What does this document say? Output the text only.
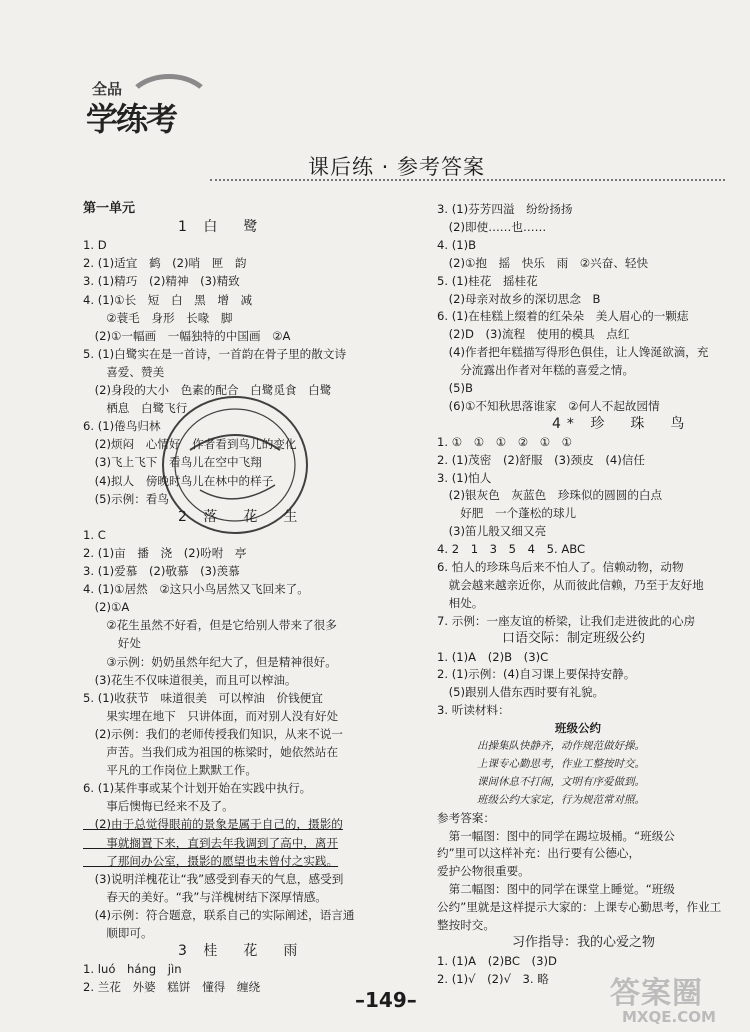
全品
学练考
课后练 · 参考答案
第一单元
1 白　鹭
1. D
2. (1)适宜　鹤　(2)哨　匣　韵
3. (1)精巧　(2)精神　(3)精致
4. (1)①长　短　白　黑　增　减
　　②蓑毛　身形　长喙　脚
　(2)①一幅画　一幅独特的中国画　②A
5. (1)白鹭实在是一首诗，一首韵在骨子里的散文诗
　　喜爱、赞美
　(2)身段的大小　色素的配合　白鹭觅食　白鹭
　　栖息　白鹭飞行
6. (1)倦鸟归林
　(2)烦闷　心情好　作者看到鸟儿的变化
　(3)飞上飞下　看鸟儿在空中飞翔
　(4)拟人　傍晚时鸟儿在林中的样子
　(5)示例：看鸟
2 落　花　生
1. C
2. (1)亩　播　浇　(2)吩咐　亭
3. (1)爱慕　(2)敬慕　(3)羡慕
4. (1)①居然　②这只小鸟居然又飞回来了。
　(2)①A
　　②花生虽然不好看，但是它给别人带来了很多
　　　好处
　　③示例：奶奶虽然年纪大了，但是精神很好。
　(3)花生不仅味道很美，而且可以榨油。
5. (1)收获节　味道很美　可以榨油　价钱便宜
　　果实埋在地下　只讲体面，而对别人没有好处
　(2)示例：我们的老师传授我们知识，从来不说一
　　声苦。当我们成为祖国的栋梁时，她依然站在
　　平凡的工作岗位上默默工作。
6. (1)某件事或某个计划开始在实践中执行。
　　事后懊悔已经来不及了。
　(2)由于总觉得眼前的景象是属于自己的，摄影的
　　事就搁置下来，直到去年我调到了高中，离开
　　了那间办公室，摄影的愿望也未曾付之实践。
　(3)说明洋槐花让“我”感受到春天的气息，感受到
　　春天的美好。“我”与洋槐树结下深厚情感。
　(4)示例：符合题意，联系自己的实际阐述，语言通
　　顺即可。
3 桂　花　雨
1. luó　háng　jìn
2. 兰花　外婆　糕饼　懂得　缠绕
3. (1)芬芳四溢　纷纷扬扬
　(2)即使……也……
4. (1)B
　(2)①抱　摇　快乐　雨　②兴奋、轻快
5. (1)桂花　摇桂花
　(2)母亲对故乡的深切思念　B
6. (1)在桂糕上缀着的红朵朵　美人眉心的一颗痣
　(2)D　(3)流程　使用的模具　点红
　(4)作者把年糕描写得形色俱佳，让人馋涎欲滴，充
　　分流露出作者对年糕的喜爱之情。
　(5)B
　(6)①不知秋思落谁家　②何人不起故园情
4* 珍　珠　鸟
1. ①　①　①　②　①　①
2. (1)茂密　(2)舒服　(3)颈皮　(4)信任
3. (1)怕人
　(2)银灰色　灰蓝色　珍珠似的圆圆的白点
　　好肥　一个蓬松的球儿
　(3)笛儿般又细又亮
4. 2　1　3　5　4　5. ABC
6. 怕人的珍珠鸟后来不怕人了。信赖动物，动物
　就会越来越亲近你，从而彼此信赖，乃至于友好地
　相处。
7. 示例：一座友谊的桥梁，让我们走进彼此的心房
口语交际：制定班级公约
1. (1)A　(2)B　(3)C
2. (1)示例：(4)自习课上要保持安静。
　(5)跟别人借东西时要有礼貌。
3. 听读材料：
班级公约
出操集队快静齐，动作规范做好操。
上课专心勤思考，作业工整按时交。
课间休息不打闹，文明有序爱做到。
班级公约大家定，行为规范常对照。
参考答案：
　第一幅图：图中的同学在踢垃圾桶。“班级公
约”里可以这样补充：出行要有公德心，
爱护公物很重要。
　第二幅图：图中的同学在课堂上睡觉。“班级
公约”里就是这样提示大家的：上课专心勤思考，作业工
整按时交。
习作指导：我的心爱之物
1. (1)A　(2)BC　(3)D
2. (1)√　(2)√　3. 略
–149–	答案圈
MXQE.COM
